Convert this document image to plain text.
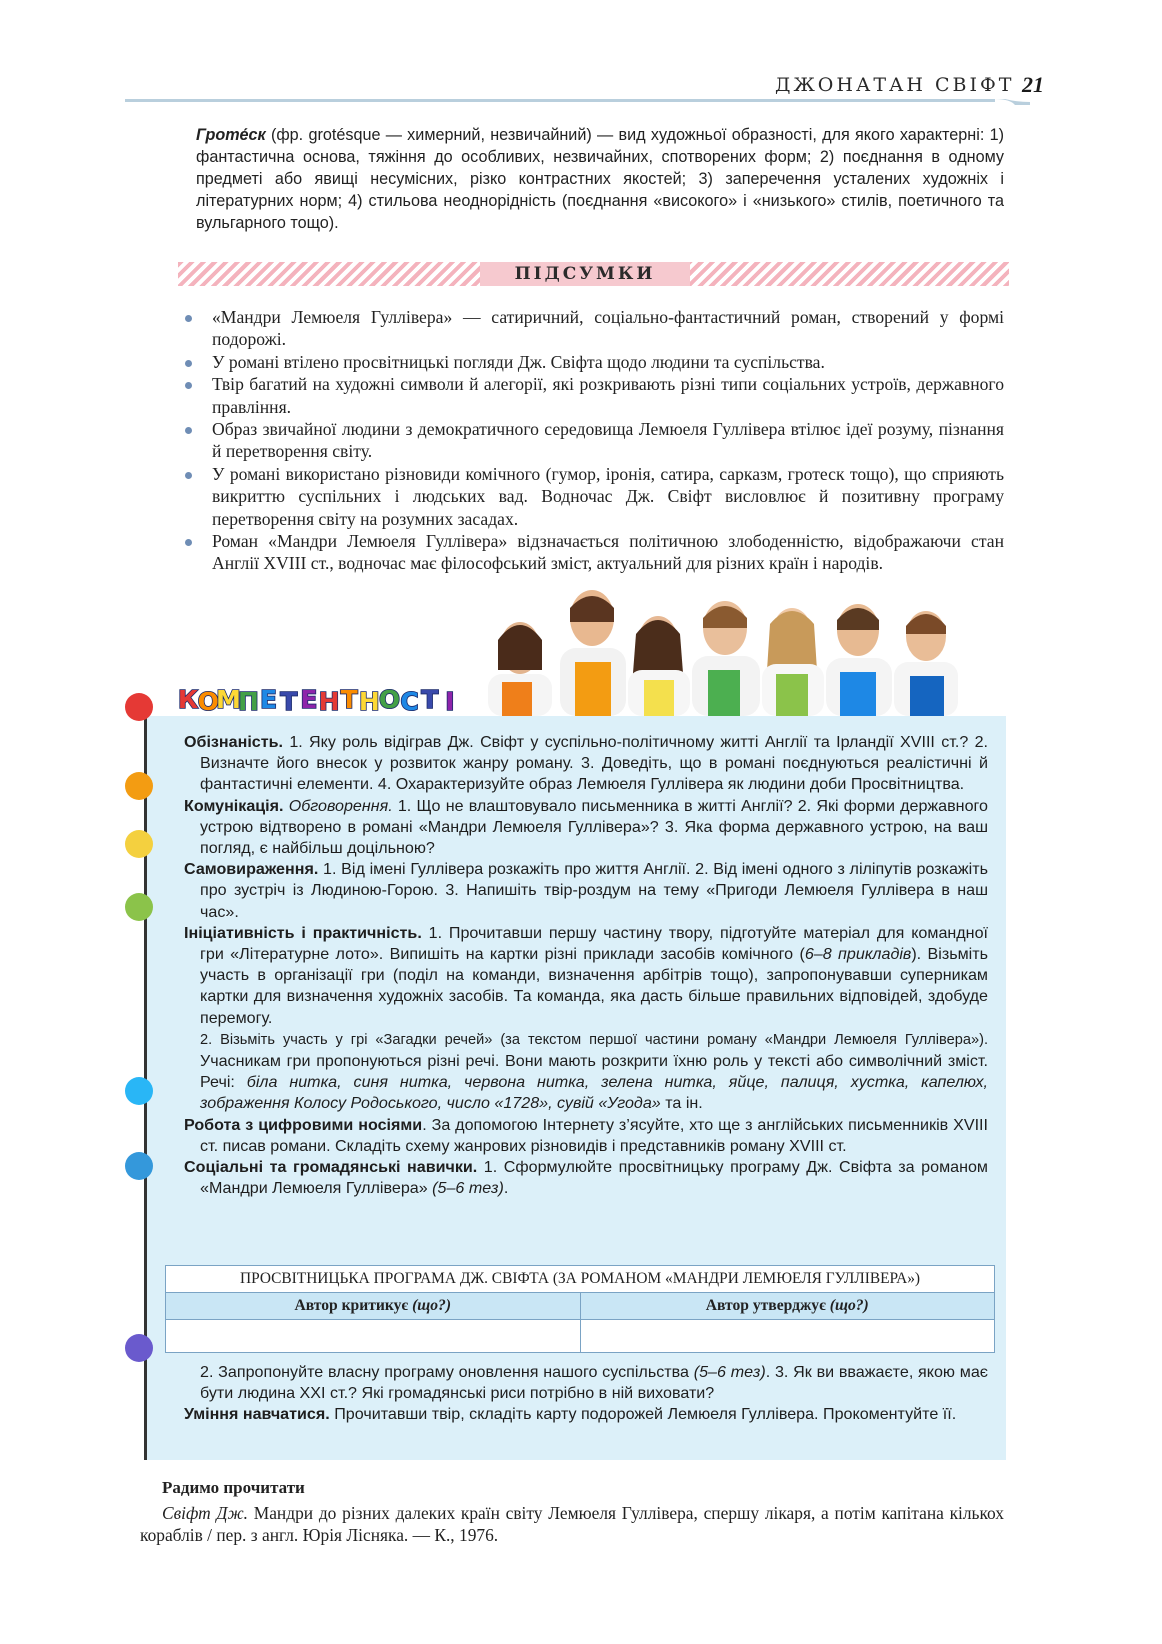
ДЖОНАТАН СВІФТ 21
Гроте́ск (фр. grotésque — химерний, незвичайний) — вид художньої образності, для якого характерні: 1) фантастична основа, тяжіння до особливих, незвичайних, спотворених форм; 2) поєднання в одному предметі або явищі несумісних, різко контрастних якостей; 3) заперечення усталених художніх і літературних норм; 4) стильова неоднорідність (поєднання «високого» і «низького» стилів, поетичного та вульгарного тощо).
ПІДСУМКИ
«Мандри Лемюеля Гуллівера» — сатиричний, соціально-фантастичний роман, створений у формі подорожі.
У романі втілено просвітницькі погляди Дж. Свіфта щодо людини та суспільства.
Твір багатий на художні символи й алегорії, які розкривають різні типи соціальних устроїв, державного правління.
Образ звичайної людини з демократичного середовища Лемюеля Гуллівера втілює ідеї розуму, пізнання й перетворення світу.
У романі використано різновиди комічного (гумор, іронія, сатира, сарказм, гротеск тощо), що сприяють викриттю суспільних і людських вад. Водночас Дж. Свіфт висловлює й позитивну програму перетворення світу на розумних засадах.
Роман «Мандри Лемюеля Гуллівера» відзначається політичною злободенністю, відображаючи стан Англії XVIII ст., водночас має філософський зміст, актуальний для різних країн і народів.
К О
М
П Е Т Е Н Т Н
О С Т І

Обізнаність. 1. Яку роль відіграв Дж. Свіфт у суспільно-політичному житті Англії та Ірландії XVIII ст.? 2. Визначте його внесок у розвиток жанру роману. 3. Доведіть, що в романі поєднуються реалістичні й фантастичні елементи. 4. Охарактеризуйте образ Лемюеля Гуллівера як людини доби Просвітництва.

Комунікація. Обговорення. 1. Що не влаштовувало письменника в житті Англії? 2. Які форми державного устрою відтворено в романі «Мандри Лемюеля Гуллівера»? 3. Яка форма державного устрою, на ваш погляд, є найбільш доцільною?

Самовираження. 1. Від імені Гуллівера розкажіть про життя Англії. 2. Від імені одного з ліліпутів розкажіть про зустріч із Людиною-Горою. 3. Напишіть твір-роздум на тему «Пригоди Лемюеля Гуллівера в наш час».

Ініціативність і практичність. 1. Прочитавши першу частину твору, підготуйте матеріал для командної гри «Літературне лото». Випишіть на картки різні приклади засобів комічного (6–8 прикладів). Візьміть участь в організації гри (поділ на команди, визначення арбітрів тощо), запропонувавши суперникам картки для визначення художніх засобів. Та команда, яка дасть більше правильних відповідей, здобуде перемогу.

2. Візьміть участь у грі «Загадки речей» (за текстом першої частини роману «Мандри Лемюеля Гуллівера»). Учасникам гри пропонуються різні речі. Вони мають розкрити їхню роль у тексті або символічний зміст. Речі: біла нитка, синя нитка, червона нитка, зелена нитка, яйце, палиця, хустка, капелюх, зображення Колосу Родоського, число «1728», сувій «Угода» та ін.

Робота з цифровими носіями. За допомогою Інтернету з’ясуйте, хто ще з англійських письменників XVIII ст. писав романи. Складіть схему жанрових різновидів і представників роману XVIII ст.

Соціальні та громадянські навички. 1. Сформулюйте просвітницьку програму Дж. Свіфта за романом «Мандри Лемюеля Гуллівера» (5–6 тез).

ПРОСВІТНИЦЬКА ПРОГРАМА ДЖ. СВІФТА (ЗА РОМАНОМ «МАНДРИ ЛЕМЮЕЛЯ ГУЛЛІВЕРА»)	
Автор критикує (що?)	Автор утверджує (що?)

2. Запропонуйте власну програму оновлення нашого суспільства (5–6 тез). 3. Як ви вважаєте, якою має бути людина XXI ст.? Які громадянські риси потрібно в ній виховати?

Уміння навчатися. Прочитавши твір, складіть карту подорожей Лемюеля Гуллівера. Прокоментуйте її.

Радимо прочитати
Свіфт Дж. Мандри до різних далеких країн світу Лемюеля Гуллівера, спершу лікаря, а потім капітана кількох кораблів / пер. з англ. Юрія Лісняка. — К., 1976.
